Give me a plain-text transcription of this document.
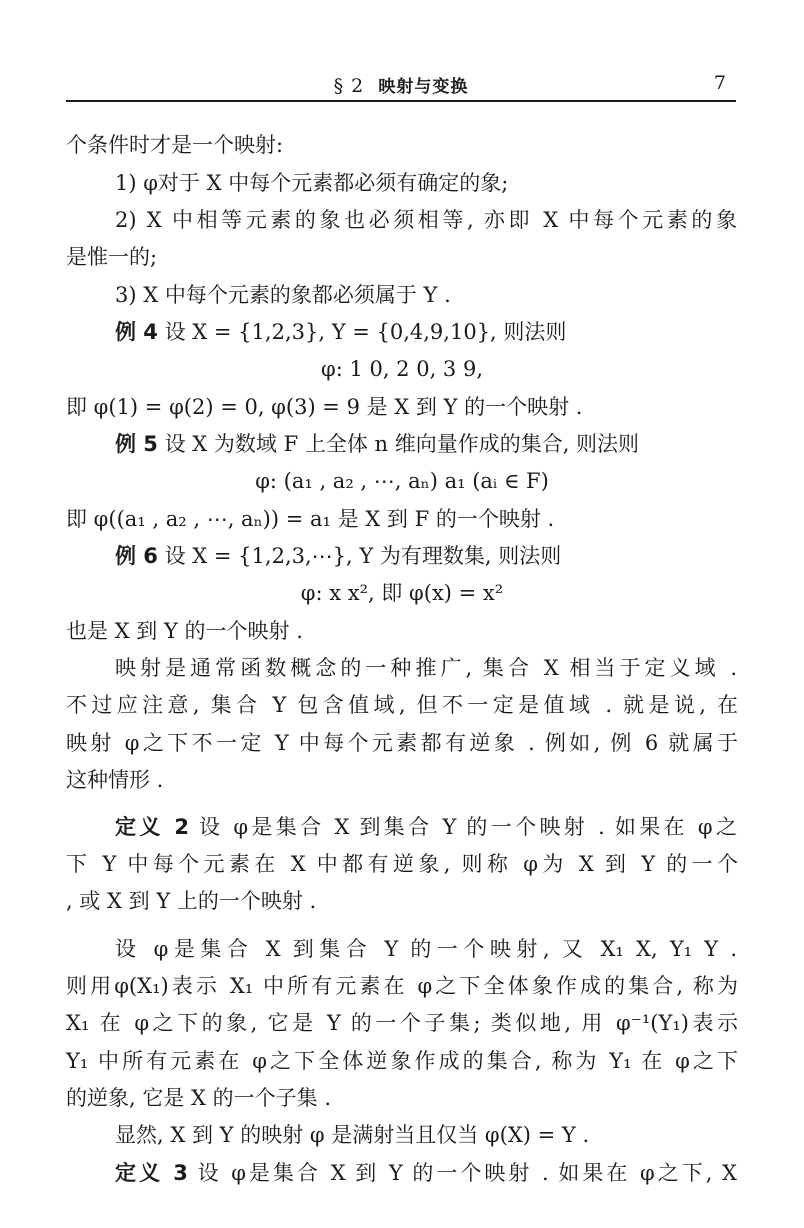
§ 2 映射与变换	7
个条件时才是一个映射:
1) φ对于 X 中每个元素都必须有确定的象;
2) X 中相等元素的象也必须相等, 亦即 X 中每个元素的象
是惟一的;
3) X 中每个元素的象都必须属于 Y .
例 4 设 X = {1,2,3}, Y = {0,4,9,10}, 则法则
φ: 1 0, 2 0, 3 9,
即 φ(1) = φ(2) = 0, φ(3) = 9 是 X 到 Y 的一个映射 .
例 5 设 X 为数域 F 上全体 n 维向量作成的集合, 则法则
φ: (a₁ , a₂ , ⋯, aₙ) a₁ (aᵢ ∈ F)
即 φ((a₁ , a₂ , ⋯, aₙ)) = a₁ 是 X 到 F 的一个映射 .
例 6 设 X = {1,2,3,⋯}, Y 为有理数集, 则法则
φ: x x², 即 φ(x) = x²
也是 X 到 Y 的一个映射 .
映射是通常函数概念的一种推广, 集合 X 相当于定义域 .
不过应注意, 集合 Y 包含值域, 但不一定是值域 . 就是说, 在
映射 φ之下不一定 Y 中每个元素都有逆象 . 例如, 例 6 就属于
这种情形 .
定义 2 设 φ是集合 X 到集合 Y 的一个映射 . 如果在 φ之
下 Y 中每个元素在 X 中都有逆象, 则称 φ为 X 到 Y 的一个
, 或 X 到 Y 上的一个映射 .
设 φ是集合 X 到集合 Y 的一个映射, 又 X₁ X, Y₁ Y .
则用φ(X₁)表示 X₁ 中所有元素在 φ之下全体象作成的集合, 称为
X₁ 在 φ之下的象, 它是 Y 的一个子集; 类似地, 用 φ⁻¹(Y₁)表示
Y₁ 中所有元素在 φ之下全体逆象作成的集合, 称为 Y₁ 在 φ之下
的逆象, 它是 X 的一个子集 .
显然, X 到 Y 的映射 φ 是满射当且仅当 φ(X) = Y .
定义 3 设 φ是集合 X 到 Y 的一个映射 . 如果在 φ之下, X
